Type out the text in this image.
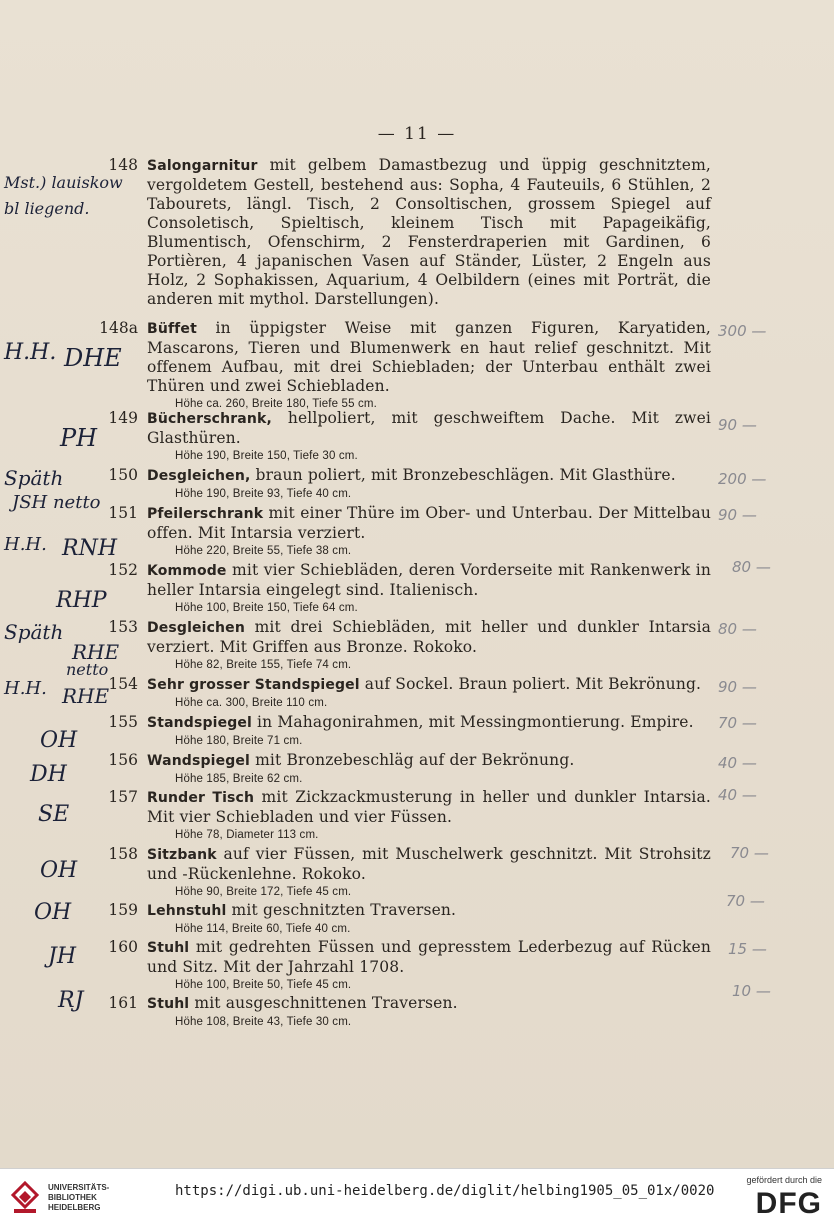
— 11 —
148 Salongarnitur mit gelbem Damastbezug und üppig geschnitztem, vergoldetem Gestell, bestehend aus: Sopha, 4 Fauteuils, 6 Stühlen, 2 Tabourets, längl. Tisch, 2 Consoltischen, grossem Spiegel auf Consoletisch, Spieltisch, kleinem Tisch mit Papageikäfig, Blumentisch, Ofenschirm, 2 Fensterdraperien mit Gardinen, 6 Portièren, 4 japanischen Vasen auf Ständer, Lüster, 2 Engeln aus Holz, 2 Sophakissen, Aquarium, 4 Oelbildern (eines mit Porträt, die anderen mit mythol. Darstellungen).
148a Büffet in üppigster Weise mit ganzen Figuren, Karyatiden, Mascarons, Tieren und Blumenwerk en haut relief geschnitzt. Mit offenem Aufbau, mit drei Schiebladen; der Unterbau enthält zwei Thüren und zwei Schiebladen.
Höhe ca. 260, Breite 180, Tiefe 55 cm.
149 Bücherschrank, hellpoliert, mit geschweiftem Dache. Mit zwei Glasthüren.
Höhe 190, Breite 150, Tiefe 30 cm.
150 Desgleichen, braun poliert, mit Bronzebeschlägen. Mit Glasthüre.
Höhe 190, Breite 93, Tiefe 40 cm.
151 Pfeilerschrank mit einer Thüre im Ober- und Unterbau. Der Mittelbau offen. Mit Intarsia verziert.
Höhe 220, Breite 55, Tiefe 38 cm.
152 Kommode mit vier Schiebläden, deren Vorderseite mit Rankenwerk in heller Intarsia eingelegt sind. Italienisch.
Höhe 100, Breite 150, Tiefe 64 cm.
153 Desgleichen mit drei Schiebläden, mit heller und dunkler Intarsia verziert. Mit Griffen aus Bronze. Rokoko.
Höhe 82, Breite 155, Tiefe 74 cm.
154 Sehr grosser Standspiegel auf Sockel. Braun poliert. Mit Bekrönung.
Höhe ca. 300, Breite 110 cm.
155 Standspiegel in Mahagonirahmen, mit Messingmontierung. Empire.
Höhe 180, Breite 71 cm.
156 Wandspiegel mit Bronzebeschläg auf der Bekrönung.
Höhe 185, Breite 62 cm.
157 Runder Tisch mit Zickzackmusterung in heller und dunkler Intarsia. Mit vier Schiebladen und vier Füssen.
Höhe 78, Diameter 113 cm.
158 Sitzbank auf vier Füssen, mit Muschelwerk geschnitzt. Mit Strohsitz und -Rückenlehne. Rokoko.
Höhe 90, Breite 172, Tiefe 45 cm.
159 Lehnstuhl mit geschnitzten Traversen.
Höhe 114, Breite 60, Tiefe 40 cm.
160 Stuhl mit gedrehten Füssen und gepresstem Lederbezug auf Rücken und Sitz. Mit der Jahrzahl 1708.
Höhe 100, Breite 50, Tiefe 45 cm.
161 Stuhl mit ausgeschnittenen Traversen.
Höhe 108, Breite 43, Tiefe 30 cm.
Mst.) lauiskow bl liegend.
H.H. DHE
PH
Späth
JSH netto
H.H. RNH
RHP
Späth
RHE
netto
H.H. RHE
OH
DH
SE
OH
OH
JH
RJ
300 —
90 —
200 —
90 —
80 —
80 —
90 —
70 —
40 —
40 —
70 —
70 —
15 —
10 —
UNIVERSITÄTS-
BIBLIOTHEK
HEIDELBERG
https://digi.ub.uni-heidelberg.de/diglit/helbing1905_05_01x/0020
gefördert durch die
DFG
